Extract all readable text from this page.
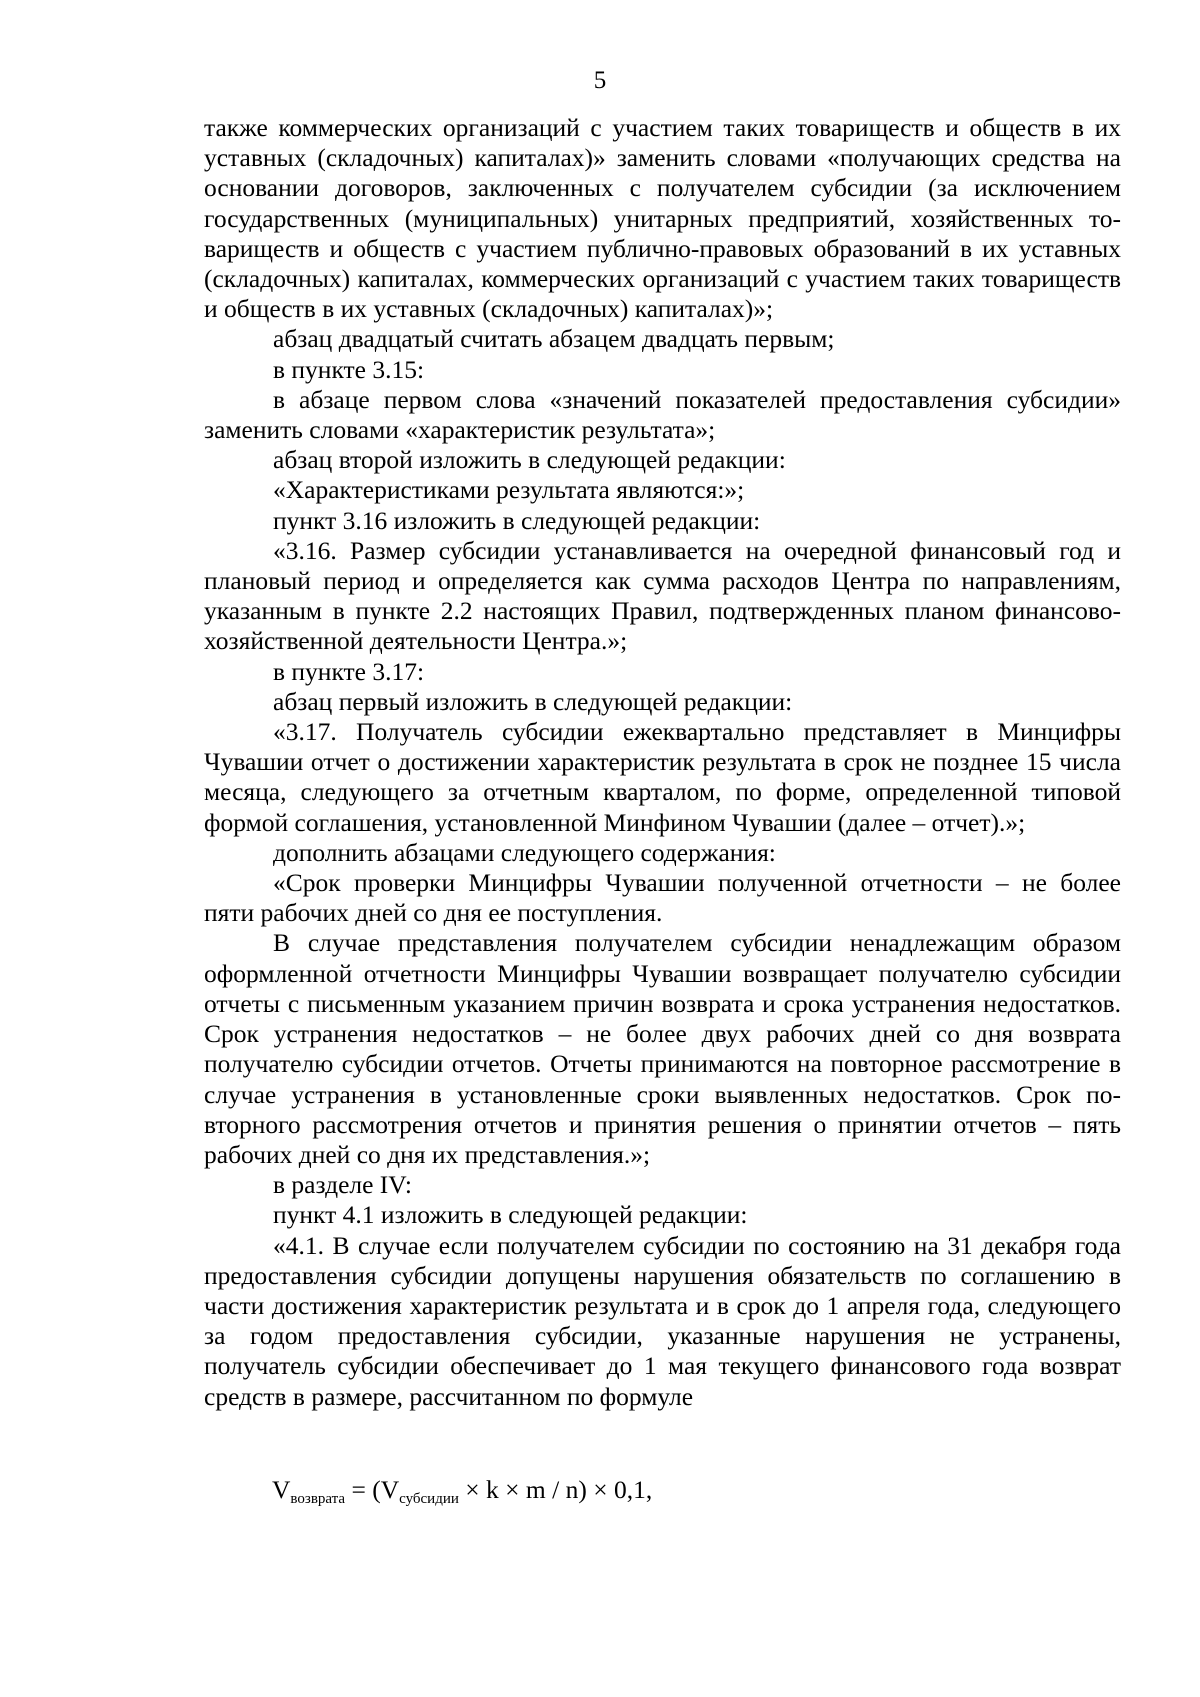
5

также коммерческих организаций с участием таких товариществ и обществ в их уставных (складочных) капиталах)» заменить словами «получающих средства на основании договоров, заключенных с получателем субсидии (за исключением государственных (муниципальных) унитарных предприятий, хозяйственных товариществ и обществ с участием публично-правовых образований в их уставных (складочных) капиталах, коммерческих организаций с участием таких товариществ и обществ в их уставных (складочных) капиталах)»;

абзац двадцатый считать абзацем двадцать первым;

в пункте 3.15:

в абзаце первом слова «значений показателей предоставления субсидии» заменить словами «характеристик результата»;

абзац второй изложить в следующей редакции:

«Характеристиками результата являются:»;

пункт 3.16 изложить в следующей редакции:

«3.16. Размер субсидии устанавливается на очередной финансовый год и плановый период и определяется как сумма расходов Центра по направлениям, указанным в пункте 2.2 настоящих Правил, подтвержденных планом финансово-хозяйственной деятельности Центра.»;

в пункте 3.17:

абзац первый изложить в следующей редакции:

«3.17. Получатель субсидии ежеквартально представляет в Минцифры Чувашии отчет о достижении характеристик результата в срок не позднее 15 числа месяца, следующего за отчетным кварталом, по форме, определенной типовой формой соглашения, установленной Минфином Чувашии (далее – отчет).»;

дополнить абзацами следующего содержания:

«Срок проверки Минцифры Чувашии полученной отчетности – не более пяти рабочих дней со дня ее поступления.

В случае представления получателем субсидии ненадлежащим образом оформленной отчетности Минцифры Чувашии возвращает получателю субсидии отчеты с письменным указанием причин возврата и срока устранения недостатков. Срок устранения недостатков – не более двух рабочих дней со дня возврата получателю субсидии отчетов. Отчеты принимаются на повторное рассмотрение в случае устранения в установленные сроки выявленных недостатков. Срок повторного рассмотрения отчетов и принятия решения о принятии отчетов – пять рабочих дней со дня их представления.»;

в разделе IV:

пункт 4.1 изложить в следующей редакции:

«4.1. В случае если получателем субсидии по состоянию на 31 декабря года предоставления субсидии допущены нарушения обязательств по соглашению в части достижения характеристик результата и в срок до 1 апреля года, следующего за годом предоставления субсидии, указанные нарушения не устранены, получатель субсидии обеспечивает до 1 мая текущего финансового года возврат средств в размере, рассчитанном по формуле

$V_{возврата} = (V_{субсидии} \times k \times m / n) \times 0,1$,
